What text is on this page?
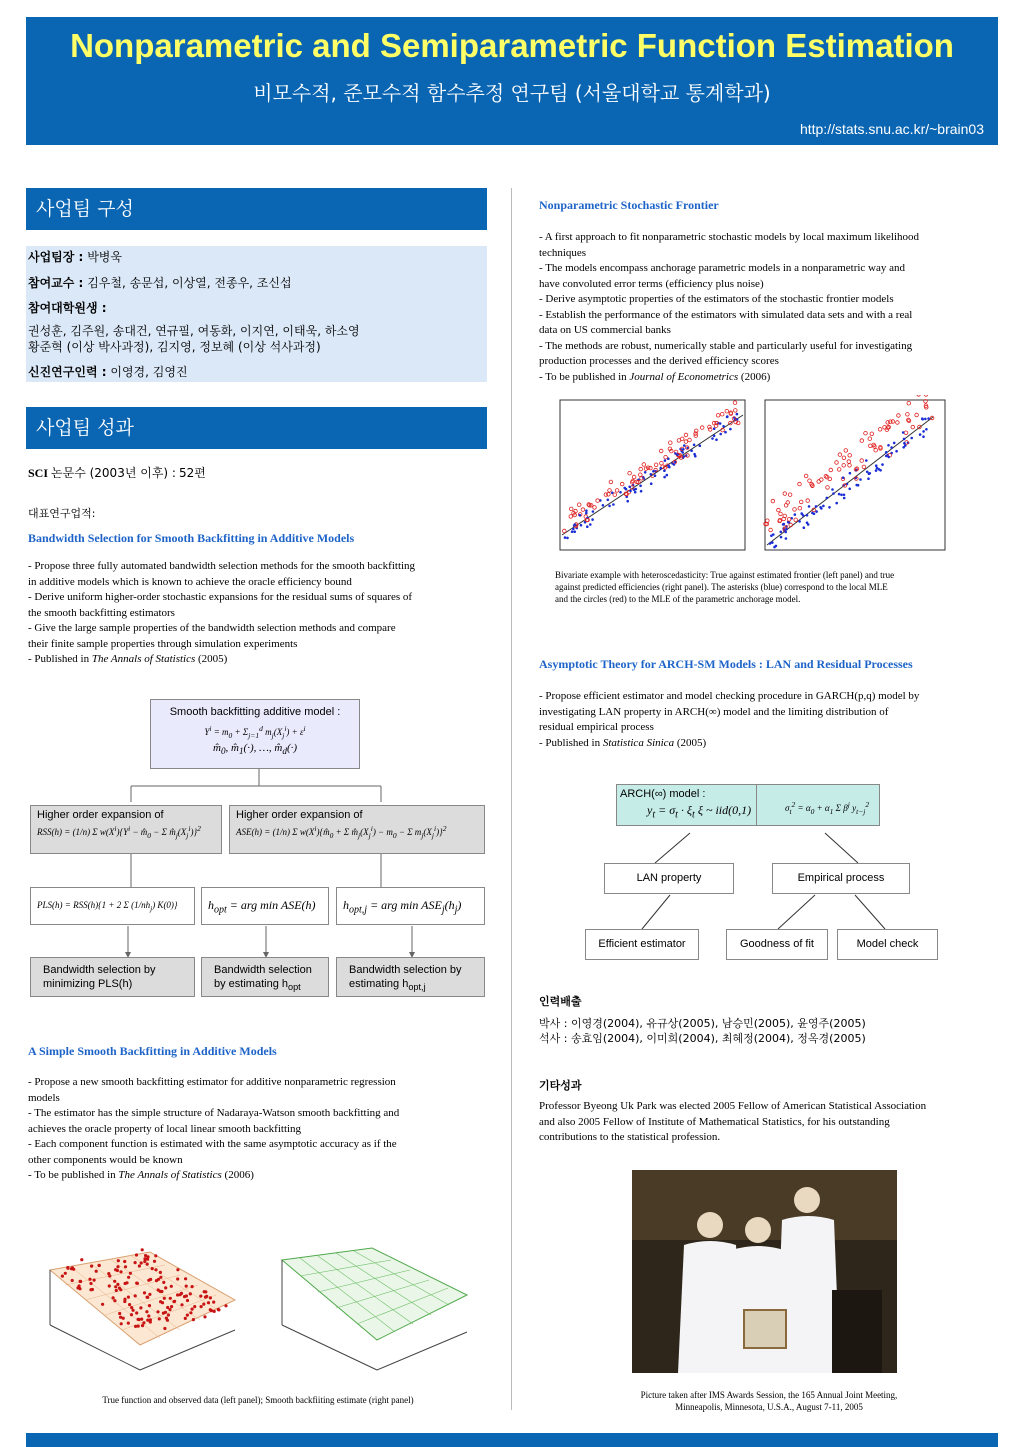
Nonparametric and Semiparametric Function Estimation
비모수적, 준모수적 함수추정 연구팀 (서울대학교 통계학과)
http://stats.snu.ac.kr/~brain03
사업팀 구성
사업팀장 : 박병욱
참여교수 : 김우철, 송문섭, 이상열, 전종우, 조신섭
참여대학원생 :
권성훈, 김주원, 송대건, 연규필, 여동화, 이지연, 이태욱, 하소영
황준혁 (이상 박사과정), 김지영, 정보혜 (이상 석사과정)
신진연구인력 : 이영경, 김영진
사업팀 성과
SCI 논문수 (2003년 이후) : 52편
대표연구업적:
Bandwidth Selection for Smooth Backfitting in Additive Models
- Propose three fully automated bandwidth selection methods for the smooth backfitting
in additive models which is known to achieve the oracle efficiency bound
- Derive uniform higher-order stochastic expansions for the residual sums of squares of
the smooth backfitting estimators
- Give the large sample properties of the bandwidth selection methods and compare
their finite sample properties through simulation experiments
- Published in The Annals of Statistics (2005)
Smooth backfitting additive model :
$Y^i = m_0 + \Sigma_{j=1}^d$ $m_j(X_j^i) + \varepsilon^i$
$m̂_0$, $m̂_1(\cdot)$, …, $m̂_d(\cdot)$
Higher order expansion of
RSS(h) = (1/n) Σ $w(X^i)\{Y^i$ − $m̂_0 - \Sigma$ $m̂_j(X_j^i)\}^2$
Higher order expansion of
ASE(h) = (1/n) Σ $w(X^i)\{m̂_0 + \Sigma$ $m̂_j(X_j^i) - m_0 - \Sigma$ $m_j(X_j^i)\}^2$
PLS(h) = RSS(h){1 + 2 Σ $(1/nh_j)$ K(0)}	$h_{opt}$ = arg min ASE(h)	$h_{opt,j}$ = arg $\min ASE_j(h_j)$
Bandwidth selection by
minimizing PLS(h)
Bandwidth selection
by estimating $h_{opt}$
Bandwidth selection by
estimating $h_{opt,j}$
A Simple Smooth Backfitting in Additive Models
- Propose a new smooth backfitting estimator for additive nonparametric regression
models
- The estimator has the simple structure of Nadaraya-Watson smooth backfitting and
achieves the oracle property of local linear smooth backfitting
- Each component function is estimated with the same asymptotic accuracy as if the
other components would be known
- To be published in The Annals of Statistics (2006)
True function and observed data (left panel); Smooth backfiiting estimate (right panel)
Nonparametric Stochastic Frontier
- A first approach to fit nonparametric stochastic models by local maximum likelihood
techniques
- The models encompass anchorage parametric models in a nonparametric way and
have convoluted error terms (efficiency plus noise)
- Derive asymptotic properties of the estimators of the stochastic frontier models
- Establish the performance of the estimators with simulated data sets and with a real
data on US commercial banks
- The methods are robust, numerically stable and particularly useful for investigating
production processes and the derived efficiency scores
- To be published in Journal of Econometrics (2006)
Bivariate example with heteroscedasticity: True against estimated frontier (left panel) and true
against predicted efficiencies (right panel). The asterisks (blue) correspond to the local MLE
and the circles (red) to the MLE of the parametric anchorage model.
Asymptotic Theory for ARCH-SM Models : LAN and Residual Processes
- Propose efficient estimator and model checking procedure in GARCH(p,q) model by
investigating LAN property in ARCH(∞) model and the limiting distribution of
residual empirical process
- Published in Statistica Sinica (2005)
ARCH(∞) model :
$y_t = \sigma_t \cdot \xi_t$ ξ ~ iid(0,1)	$\sigma_t^2 = \alpha_0 + \alpha_1$ Σ $\beta^j$ $y_{t-j}^2$
LAN property	Empirical process
Efficient estimator	Goodness of fit	Model check
인력배출
박사 : 이영경(2004), 유규상(2005), 남승민(2005), 윤영주(2005)
석사 : 송효임(2004), 이미희(2004), 최혜정(2004), 정옥경(2005)
기타성과
Professor Byeong Uk Park was elected 2005 Fellow of American Statistical Association
and also 2005 Fellow of Institute of Mathematical Statistics, for his outstanding
contributions to the statistical profession.
Picture taken after IMS Awards Session, the 165 Annual Joint Meeting,
Minneapolis, Minnesota, U.S.A., August 7-11, 2005
